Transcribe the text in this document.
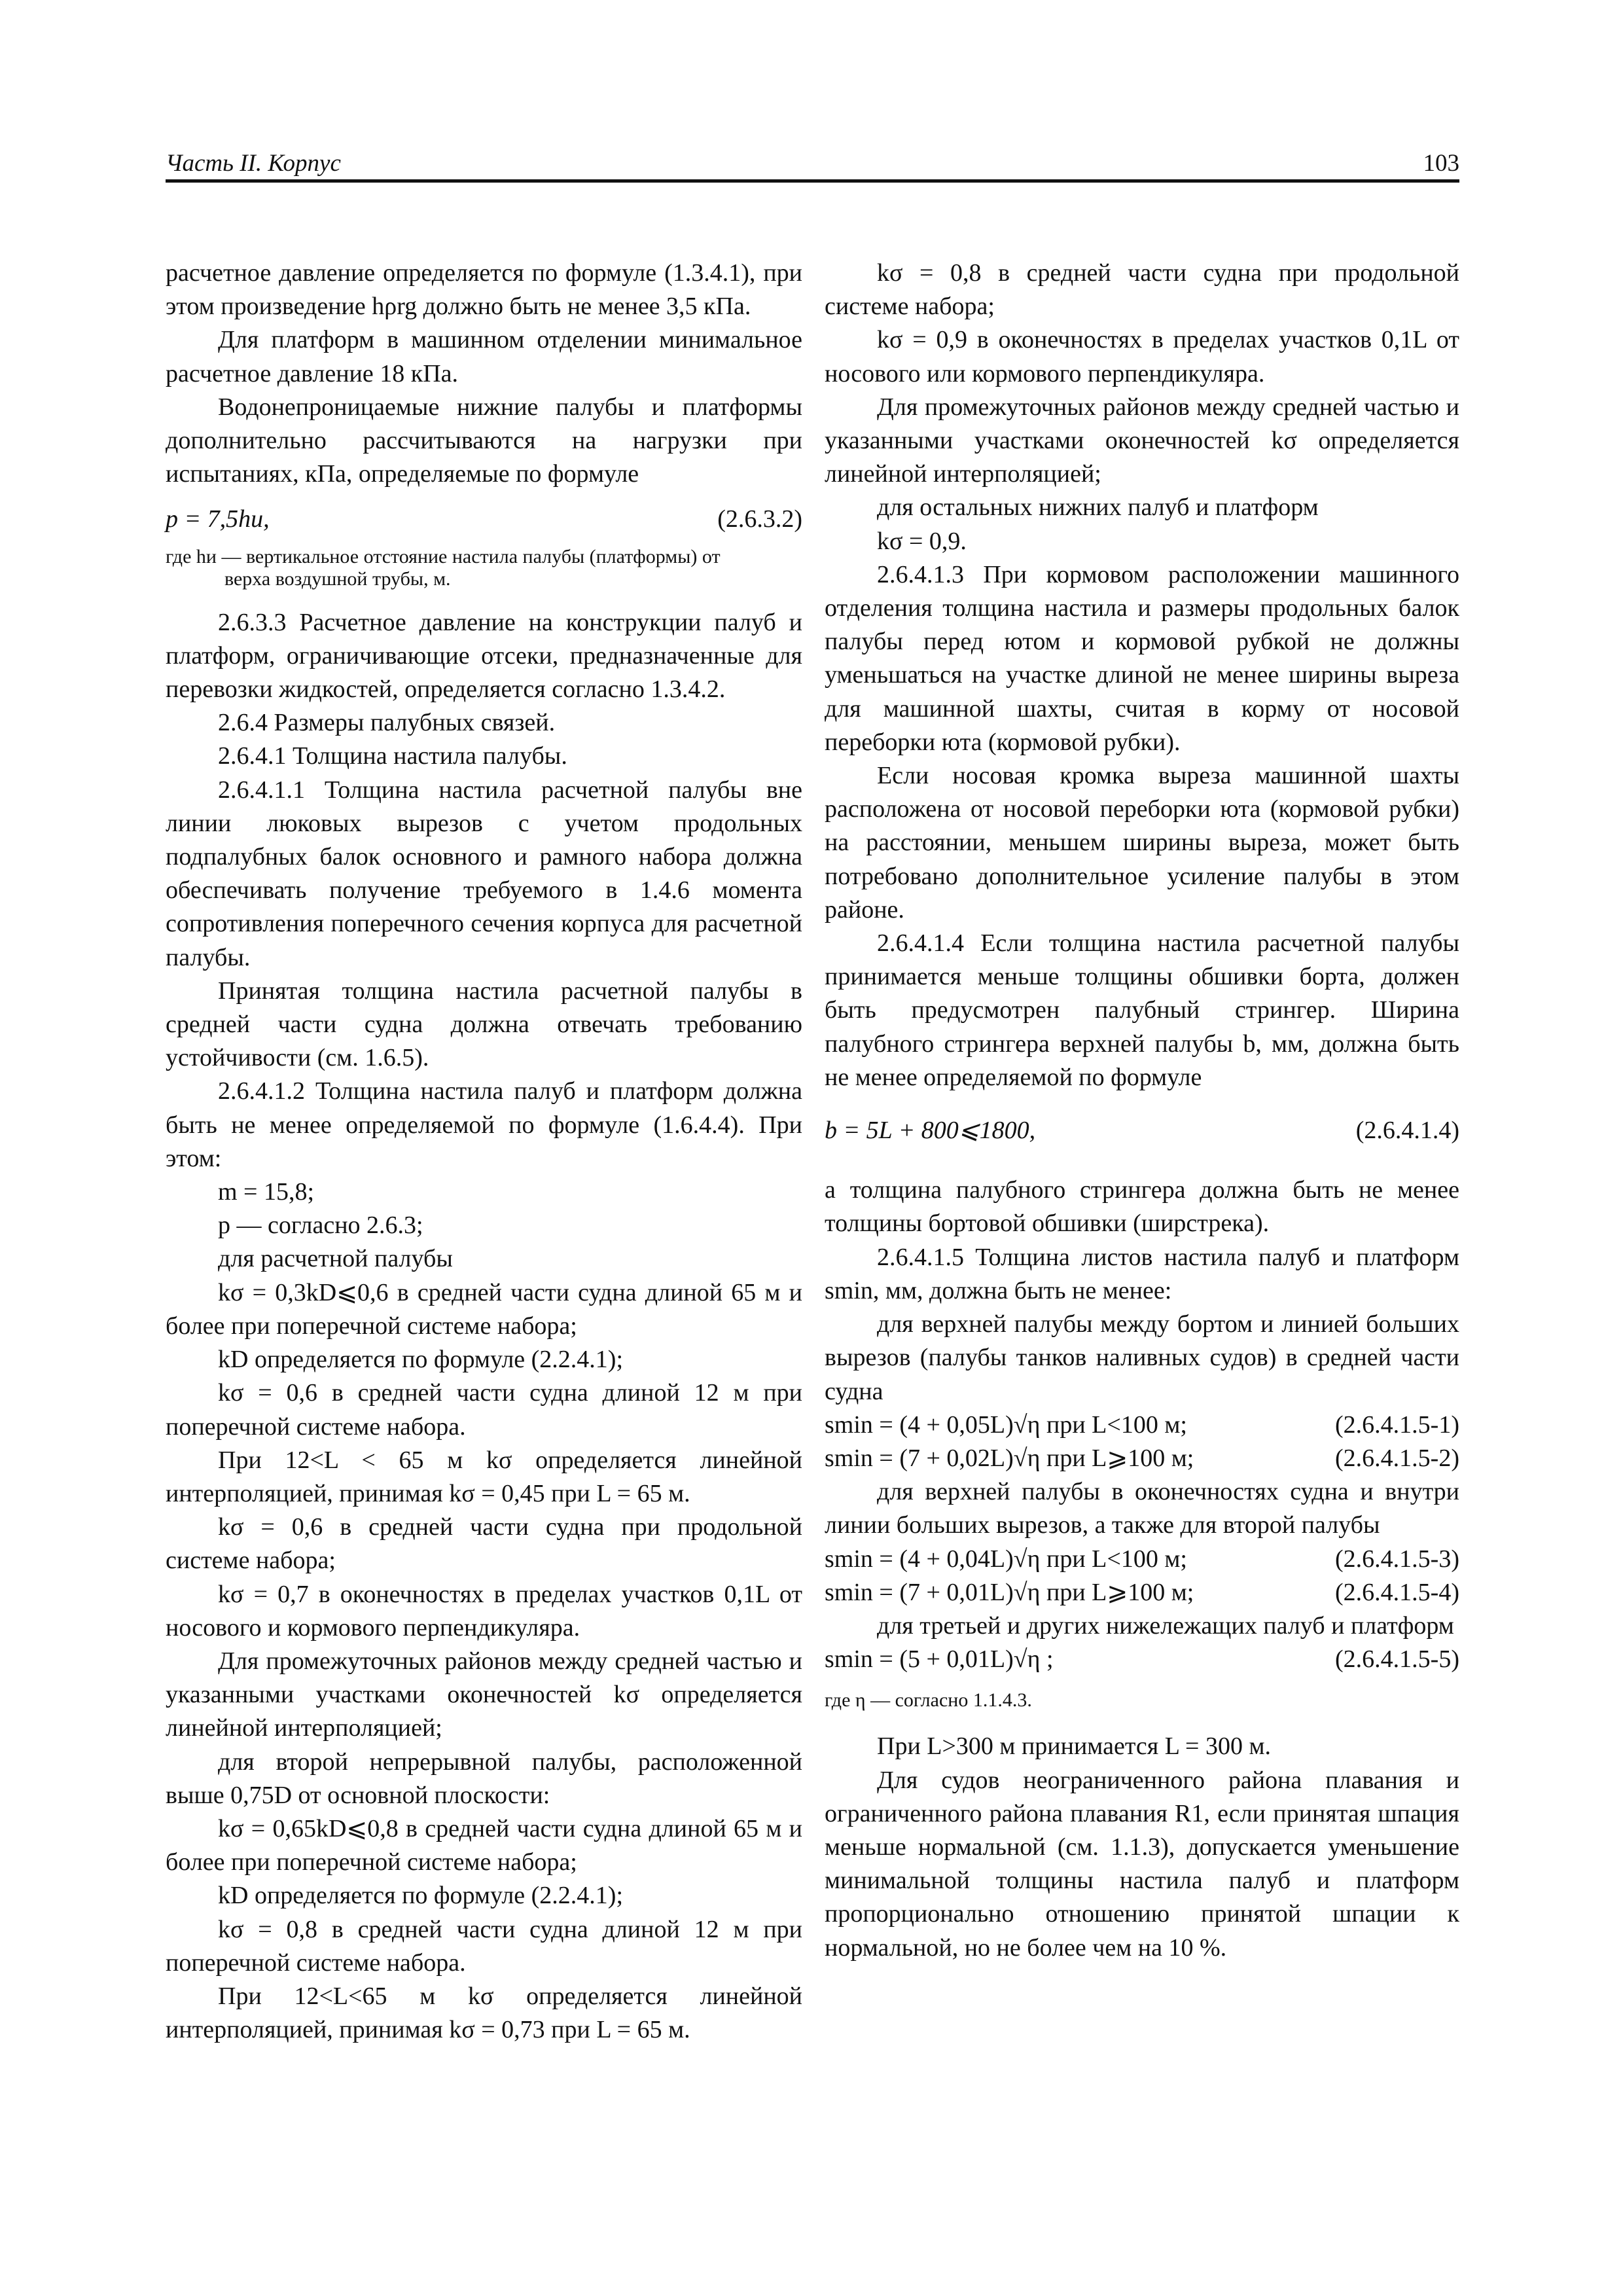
Часть II. Корпус	103

расчетное давление определяется по формуле (1.3.4.1), при этом произведение hρrg должно быть не менее 3,5 кПа.

Для платформ в машинном отделении минимальное расчетное давление 18 кПа.

Водонепроницаемые нижние палубы и платформы дополнительно рассчитываются на нагрузки при испытаниях, кПа, определяемые по формуле

p = 7,5hи,	(2.6.3.2)
где hи — вертикальное отстояние настила палубы (платформы) от
верха воздушной трубы, м.

2.6.3.3 Расчетное давление на конструкции палуб и платформ, ограничивающие отсеки, предназначенные для перевозки жидкостей, определяется согласно 1.3.4.2.

2.6.4 Размеры палубных связей.

2.6.4.1 Толщина настила палубы.

2.6.4.1.1 Толщина настила расчетной палубы вне линии люковых вырезов с учетом продольных подпалубных балок основного и рамного набора должна обеспечивать получение требуемого в 1.4.6 момента сопротивления поперечного сечения корпуса для расчетной палубы.

Принятая толщина настила расчетной палубы в средней части судна должна отвечать требованию устойчивости (см. 1.6.5).

2.6.4.1.2 Толщина настила палуб и платформ должна быть не менее определяемой по формуле (1.6.4.4). При этом:

m = 15,8;

p — согласно 2.6.3;

для расчетной палубы

kσ = 0,3kD⩽0,6 в средней части судна длиной 65 м и более при поперечной системе набора;

kD определяется по формуле (2.2.4.1);

kσ = 0,6 в средней части судна длиной 12 м при поперечной системе набора.

При 12<L < 65 м kσ определяется линейной интерполяцией, принимая kσ = 0,45 при L = 65 м.

kσ = 0,6 в средней части судна при продольной системе набора;

kσ = 0,7 в оконечностях в пределах участков 0,1L от носового и кормового перпендикуляра.

Для промежуточных районов между средней частью и указанными участками оконечностей kσ определяется линейной интерполяцией;

для второй непрерывной палубы, расположенной выше 0,75D от основной плоскости:

kσ = 0,65kD⩽0,8 в средней части судна длиной 65 м и более при поперечной системе набора;

kD определяется по формуле (2.2.4.1);

kσ = 0,8 в средней части судна длиной 12 м при поперечной системе набора.

При 12<L<65 м kσ определяется линейной интерполяцией, принимая kσ = 0,73 при L = 65 м.

kσ = 0,8 в средней части судна при продольной системе набора;

kσ = 0,9 в оконечностях в пределах участков 0,1L от носового или кормового перпендикуляра.

Для промежуточных районов между средней частью и указанными участками оконечностей kσ определяется линейной интерполяцией;

для остальных нижних палуб и платформ

kσ = 0,9.

2.6.4.1.3 При кормовом расположении машинного отделения толщина настила и размеры продольных балок палубы перед ютом и кормовой рубкой не должны уменьшаться на участке длиной не менее ширины выреза для машинной шахты, считая в корму от носовой переборки юта (кормовой рубки).

Если носовая кромка выреза машинной шахты расположена от носовой переборки юта (кормовой рубки) на расстоянии, меньшем ширины выреза, может быть потребовано дополнительное усиление палубы в этом районе.

2.6.4.1.4 Если толщина настила расчетной палубы принимается меньше толщины обшивки борта, должен быть предусмотрен палубный стрингер. Ширина палубного стрингера верхней палубы b, мм, должна быть не менее определяемой по формуле

b = 5L + 800⩽1800,	(2.6.4.1.4)

а толщина палубного стрингера должна быть не менее толщины бортовой обшивки (ширстрека).

2.6.4.1.5 Толщина листов настила палуб и платформ smin, мм, должна быть не менее:

для верхней палубы между бортом и линией больших вырезов (палубы танков наливных судов) в средней части судна

smin = (4 + 0,05L)√η при L<100 м;	(2.6.4.1.5-1)
smin = (7 + 0,02L)√η при L⩾100 м;	(2.6.4.1.5-2)

для верхней палубы в оконечностях судна и внутри линии больших вырезов, а также для второй палубы

smin = (4 + 0,04L)√η при L<100 м;	(2.6.4.1.5-3)
smin = (7 + 0,01L)√η при L⩾100 м;	(2.6.4.1.5-4)

для третьей и других нижележащих палуб и платформ

smin = (5 + 0,01L)√η ;	(2.6.4.1.5-5)
где η — согласно 1.1.4.3.

При L>300 м принимается L = 300 м.

Для судов неограниченного района плавания и ограниченного района плавания R1, если принятая шпация меньше нормальной (см. 1.1.3), допускается уменьшение минимальной толщины настила палуб и платформ пропорционально отношению принятой шпации к нормальной, но не более чем на 10 %.
